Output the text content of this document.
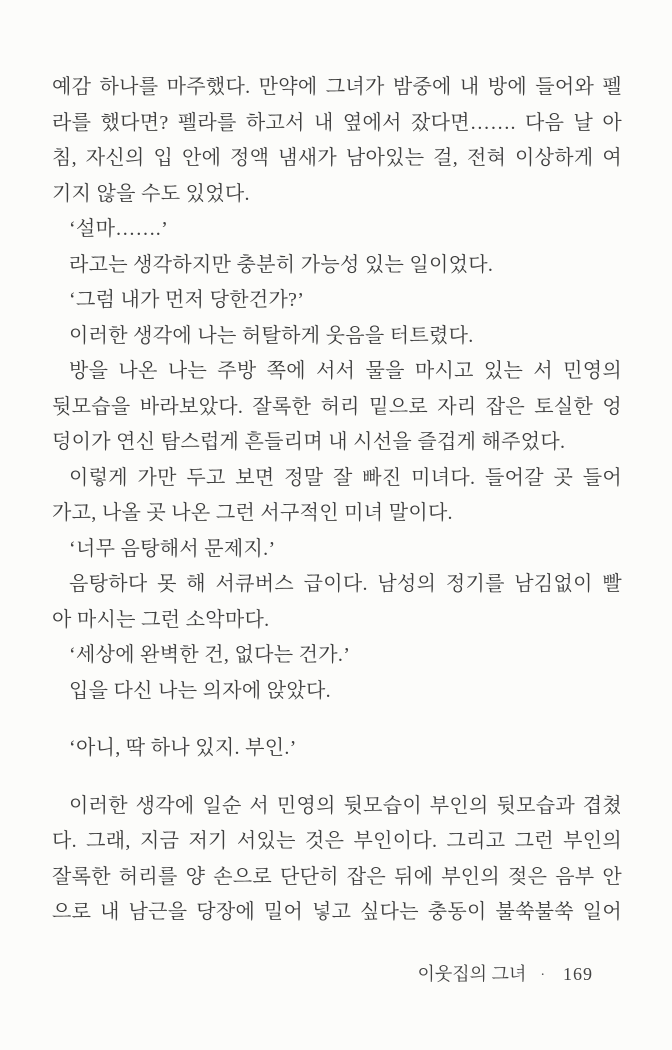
예감 하나를 마주했다. 만약에 그녀가 밤중에 내 방에 들어와 펠
라를 했다면? 펠라를 하고서 내 옆에서 잤다면……. 다음 날 아
침, 자신의 입 안에 정액 냄새가 남아있는 걸, 전혀 이상하게 여
기지 않을 수도 있었다.
‘설마…….’
라고는 생각하지만 충분히 가능성 있는 일이었다.
‘그럼 내가 먼저 당한건가?’
이러한 생각에 나는 허탈하게 웃음을 터트렸다.
방을 나온 나는 주방 쪽에 서서 물을 마시고 있는 서 민영의
뒷모습을 바라보았다. 잘록한 허리 밑으로 자리 잡은 토실한 엉
덩이가 연신 탐스럽게 흔들리며 내 시선을 즐겁게 해주었다.
이렇게 가만 두고 보면 정말 잘 빠진 미녀다. 들어갈 곳 들어
가고, 나올 곳 나온 그런 서구적인 미녀 말이다.
‘너무 음탕해서 문제지.’
음탕하다 못 해 서큐버스 급이다. 남성의 정기를 남김없이 빨
아 마시는 그런 소악마다.
‘세상에 완벽한 건, 없다는 건가.’
입을 다신 나는 의자에 앉았다.
‘아니, 딱 하나 있지. 부인.’
이러한 생각에 일순 서 민영의 뒷모습이 부인의 뒷모습과 겹쳤
다. 그래, 지금 저기 서있는 것은 부인이다. 그리고 그런 부인의
잘록한 허리를 양 손으로 단단히 잡은 뒤에 부인의 젖은 음부 안
으로 내 남근을 당장에 밀어 넣고 싶다는 충동이 불쑥불쑥 일어
이웃집의 그녀 · 169
